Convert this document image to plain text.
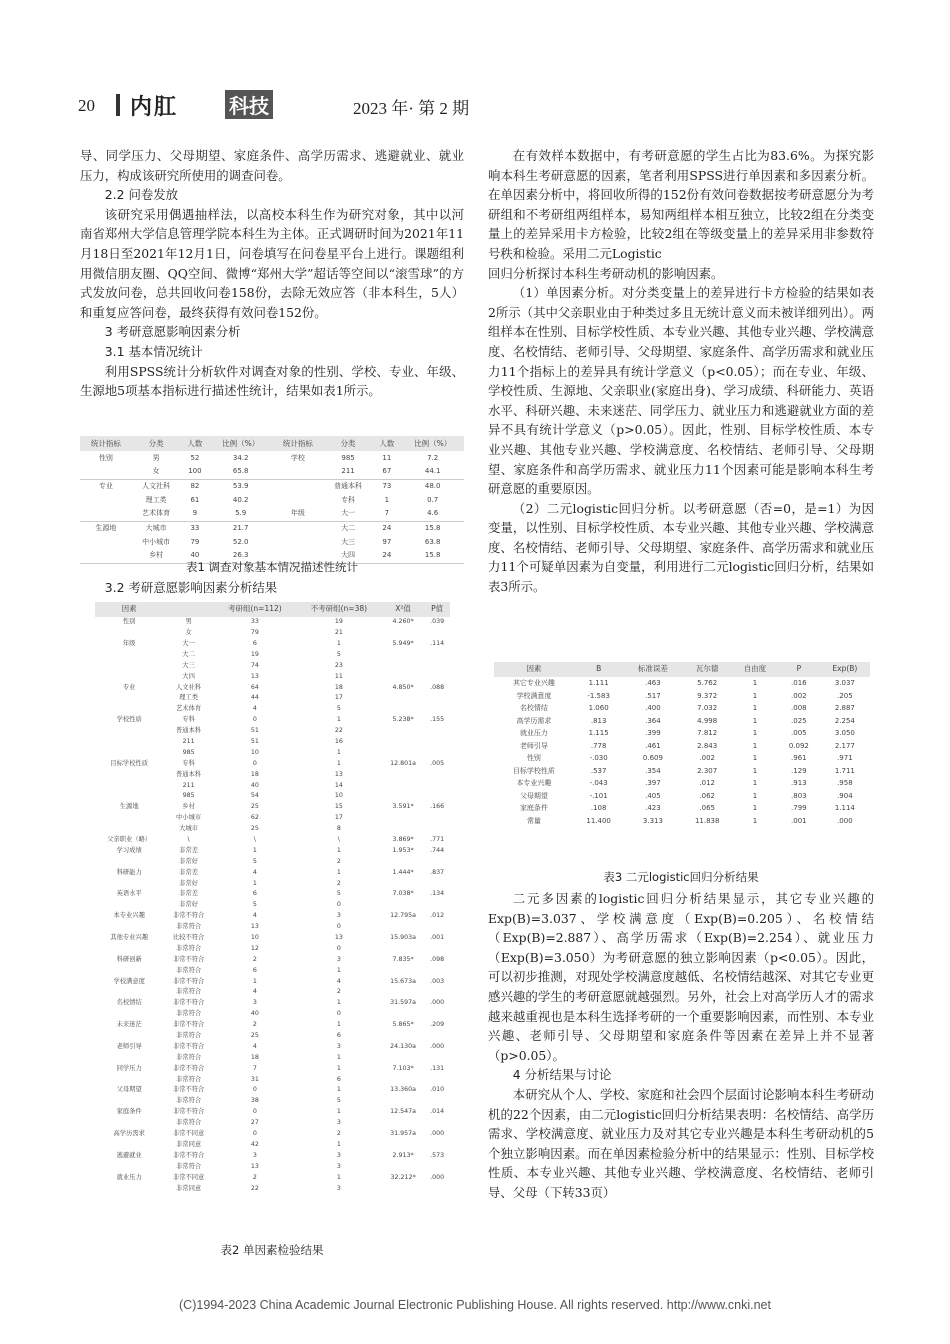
20 内肛	科技	2023 年· 第 2 期

导、同学压力、父母期望、家庭条件、高学历需求、逃避就业、就业压力，构成该研究所使用的调查问卷。

2.2 问卷发放

该研究采用偶遇抽样法，以高校本科生作为研究对象，其中以河南省郑州大学信息管理学院本科生为主体。正式调研时间为2021年11月18日至2021年12月1日，问卷填写在问卷星平台上进行。课题组利用微信朋友圈、QQ空间、微博“郑州大学”超话等空间以“滚雪球”的方式发放问卷，总共回收问卷158份，去除无效应答（非本科生，5人）和重复应答问卷，最终获得有效问卷152份。

3 考研意愿影响因素分析

3.1 基本情况统计

利用SPSS统计分析软件对调查对象的性别、学校、专业、年级、生源地5项基本指标进行描述性统计，结果如表1所示。

统计指标	分类	人数	比例（%）	统计指标	分类	人数	比例（%）
性别	男	52	34.2	学校	985	11	7.2
	女	100	65.8		211	67	44.1
专业	人文社科	82	53.9		普通本科	73	48.0
	理工类	61	40.2		专科	1	0.7
	艺术体育	9	5.9	年级	大一	7	4.6
生源地	大城市	33	21.7		大二	24	15.8
	中小城市	79	52.0		大三	97	63.8
	乡村	40	26.3		大四	24	15.8
表1 调查对象基本情况描述性统计
3.2 考研意愿影响因素分析结果
因素		考研组(n=112)	不考研组(n=38)	X²值	P值
性别	男	33	19	4.260*	.039
	女	79	21		
年级	大一	6	1	5.949*	.114
	大二	19	5		
	大三	74	23		
	大四	13	11		
专业	人文社科	64	18	4.850*	.088
	理工类	44	17		
	艺术体育	4	5		
学校性质	专科	0	1	5.238*	.155
	普通本科	51	22		
	211	51	16		
	985	10	1		
目标学校性质	专科	0	1	12.801a	.005
	普通本科	18	13		
	211	40	14		
	985	54	10		
生源地	乡村	25	15	3.591*	.166
	中小城市	62	17		
	大城市	25	8		
父亲职业（略）	\	\	\	3.869*	.771
学习成绩	非常差	1	1	1.953*	.744
	非常好	5	2		
科研能力	非常差	4	1	1.444*	.837
	非常好	1	2		
英语水平	非常差	6	5	7.038*	.134
	非常好	5	0		
本专业兴趣	非常不符合	4	3	12.795a	.012
	非常符合	13	0		
其他专业兴趣	比较不符合	10	13	15.903a	.001
	非常符合	12	0		
科研创新	非常不符合	2	3	7.835*	.098
	非常符合	6	1		
学校满意度	非常不符合	1	4	15.673a	.003
	非常符合	4	2		
名校情结	非常不符合	3	1	31.597a	.000
	非常符合	40	0		
未来迷茫	非常不符合	2	1	5.865*	.209
	非常符合	25	6		
老师引导	非常不符合	4	3	24.130a	.000
	非常符合	18	1		
同学压力	非常不符合	7	1	7.103*	.131
	非常符合	31	6		
父母期望	非常不符合	0	1	13.360a	.010
	非常符合	38	5		
家庭条件	非常不符合	0	1	12.547a	.014
	非常符合	27	3		
高学历需求	非常不同意	0	2	31.957a	.000
	非常同意	42	1		
逃避就业	非常不符合	3	3	2.913*	.573
	非常符合	13	3		
就业压力	非常不同意	2	1	32.212*	.000
	非常同意	22	3		
表2 单因素检验结果

在有效样本数据中，有考研意愿的学生占比为83.6%。为探究影响本科生考研意愿的因素，笔者利用SPSS进行单因素和多因素分析。在单因素分析中，将回收所得的152份有效问卷数据按考研意愿分为考研组和不考研组两组样本，易知两组样本相互独立，比较2组在分类变量上的差异采用卡方检验，比较2组在等级变量上的差异采用非参数符号秩和检验。采用二元Logistic

回归分析探讨本科生考研动机的影响因素。

（1）单因素分析。对分类变量上的差异进行卡方检验的结果如表2所示（其中父亲职业由于种类过多且无统计意义而未被详细列出）。两组样本在性别、目标学校性质、本专业兴趣、其他专业兴趣、学校满意度、名校情结、老师引导、父母期望、家庭条件、高学历需求和就业压力11个指标上的差异具有统计学意义（p<0.05）；而在专业、年级、学校性质、生源地、父亲职业(家庭出身)、学习成绩、科研能力、英语水平、科研兴趣、未来迷茫、同学压力、就业压力和逃避就业方面的差异不具有统计学意义（p>0.05）。因此，性别、目标学校性质、本专业兴趣、其他专业兴趣、学校满意度、名校情结、老师引导、父母期望、家庭条件和高学历需求、就业压力11个因素可能是影响本科生考研意愿的重要原因。

（2）二元logistic回归分析。以考研意愿（否=0，是=1）为因变量，以性别、目标学校性质、本专业兴趣、其他专业兴趣、学校满意度、名校情结、老师引导、父母期望、家庭条件、高学历需求和就业压力11个可疑单因素为自变量，利用进行二元logistic回归分析，结果如表3所示。

因素	B	标准误差	瓦尔德	自由度	P	Exp(B)
其它专业兴趣	1.111	.463	5.762	1	.016	3.037
学校满意度	-1.583	.517	9.372	1	.002	.205
名校情结	1.060	.400	7.032	1	.008	2.887
高学历需求	.813	.364	4.998	1	.025	2.254
就业压力	1.115	.399	7.812	1	.005	3.050
老师引导	.778	.461	2.843	1	0.092	2.177
性别	-.030	0.609	.002	1	.961	.971
目标学校性质	.537	.354	2.307	1	.129	1.711
本专业兴趣	-.043	.397	.012	1	.913	.958
父母期望	-.101	.405	.062	1	.803	.904
家庭条件	.108	.423	.065	1	.799	1.114
常量	11.400	3.313	11.838	1	.001	.000
表3 二元logistic回归分析结果

二元多因素的logistic回归分析结果显示，其它专业兴趣的Exp(B)=3.037、学校满意度（Exp(B)=0.205）、名校情结（Exp(B)=2.887）、高学历需求（Exp(B)=2.254）、就业压力（Exp(B)=3.050）为考研意愿的独立影响因素（p<0.05）。因此，可以初步推测，对现处学校满意度越低、名校情结越深、对其它专业更感兴趣的学生的考研意愿就越强烈。另外，社会上对高学历人才的需求越来越重视也是本科生选择考研的一个重要影响因素，而性别、本专业兴趣、老师引导、父母期望和家庭条件等因素在差异上并不显著（p>0.05）。

4 分析结果与讨论

本研究从个人、学校、家庭和社会四个层面讨论影响本科生考研动机的22个因素，由二元logistic回归分析结果表明：名校情结、高学历需求、学校满意度、就业压力及对其它专业兴趣是本科生考研动机的5个独立影响因素。而在单因素检验分析中的结果显示：性别、目标学校性质、本专业兴趣、其他专业兴趣、学校满意度、名校情结、老师引导、父母（下转33页）

(C)1994-2023 China Academic Journal Electronic Publishing House. All rights reserved. http://www.cnki.net
